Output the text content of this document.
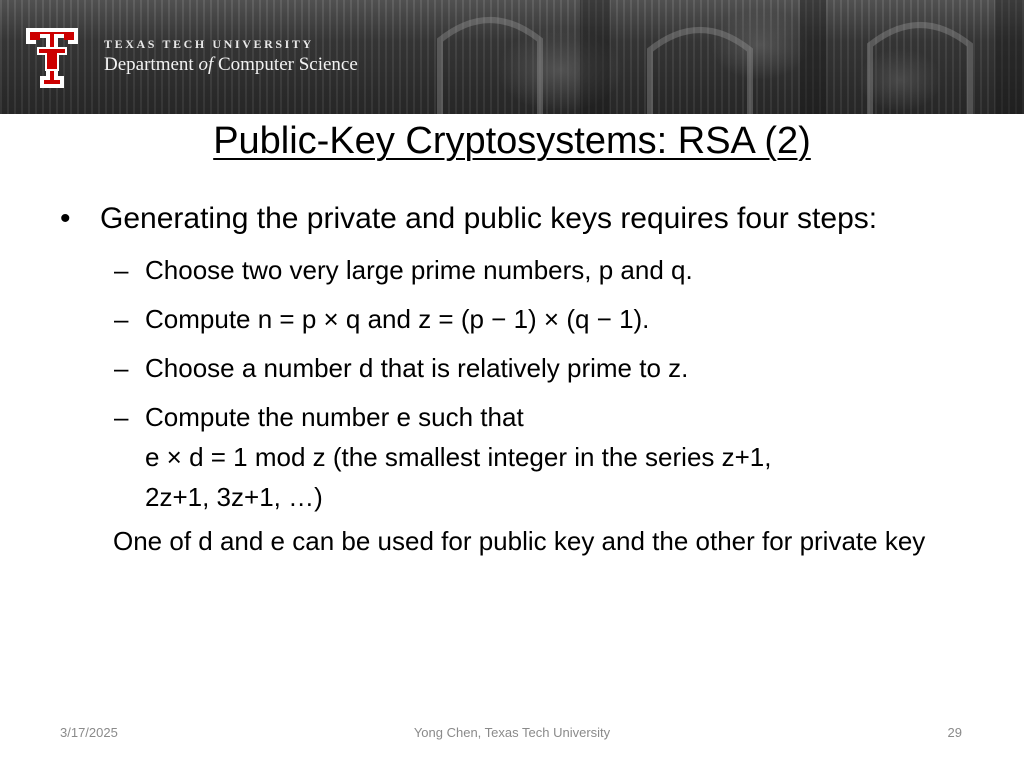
TEXAS TECH UNIVERSITY
Department of Computer Science
Public-Key Cryptosystems: RSA (2)
• Generating the private and public keys requires four steps:
– Choose two very large prime numbers, p and q.
– Compute n = p × q and z = (p − 1) × (q − 1).
– Choose a number d that is relatively prime to z.
– Compute the number e such that
e × d = 1 mod z (the smallest integer in the series z+1,
2z+1, 3z+1, …)
One of d and e can be used for public key and the other for private key
3/17/2025	Yong Chen, Texas Tech University	29
